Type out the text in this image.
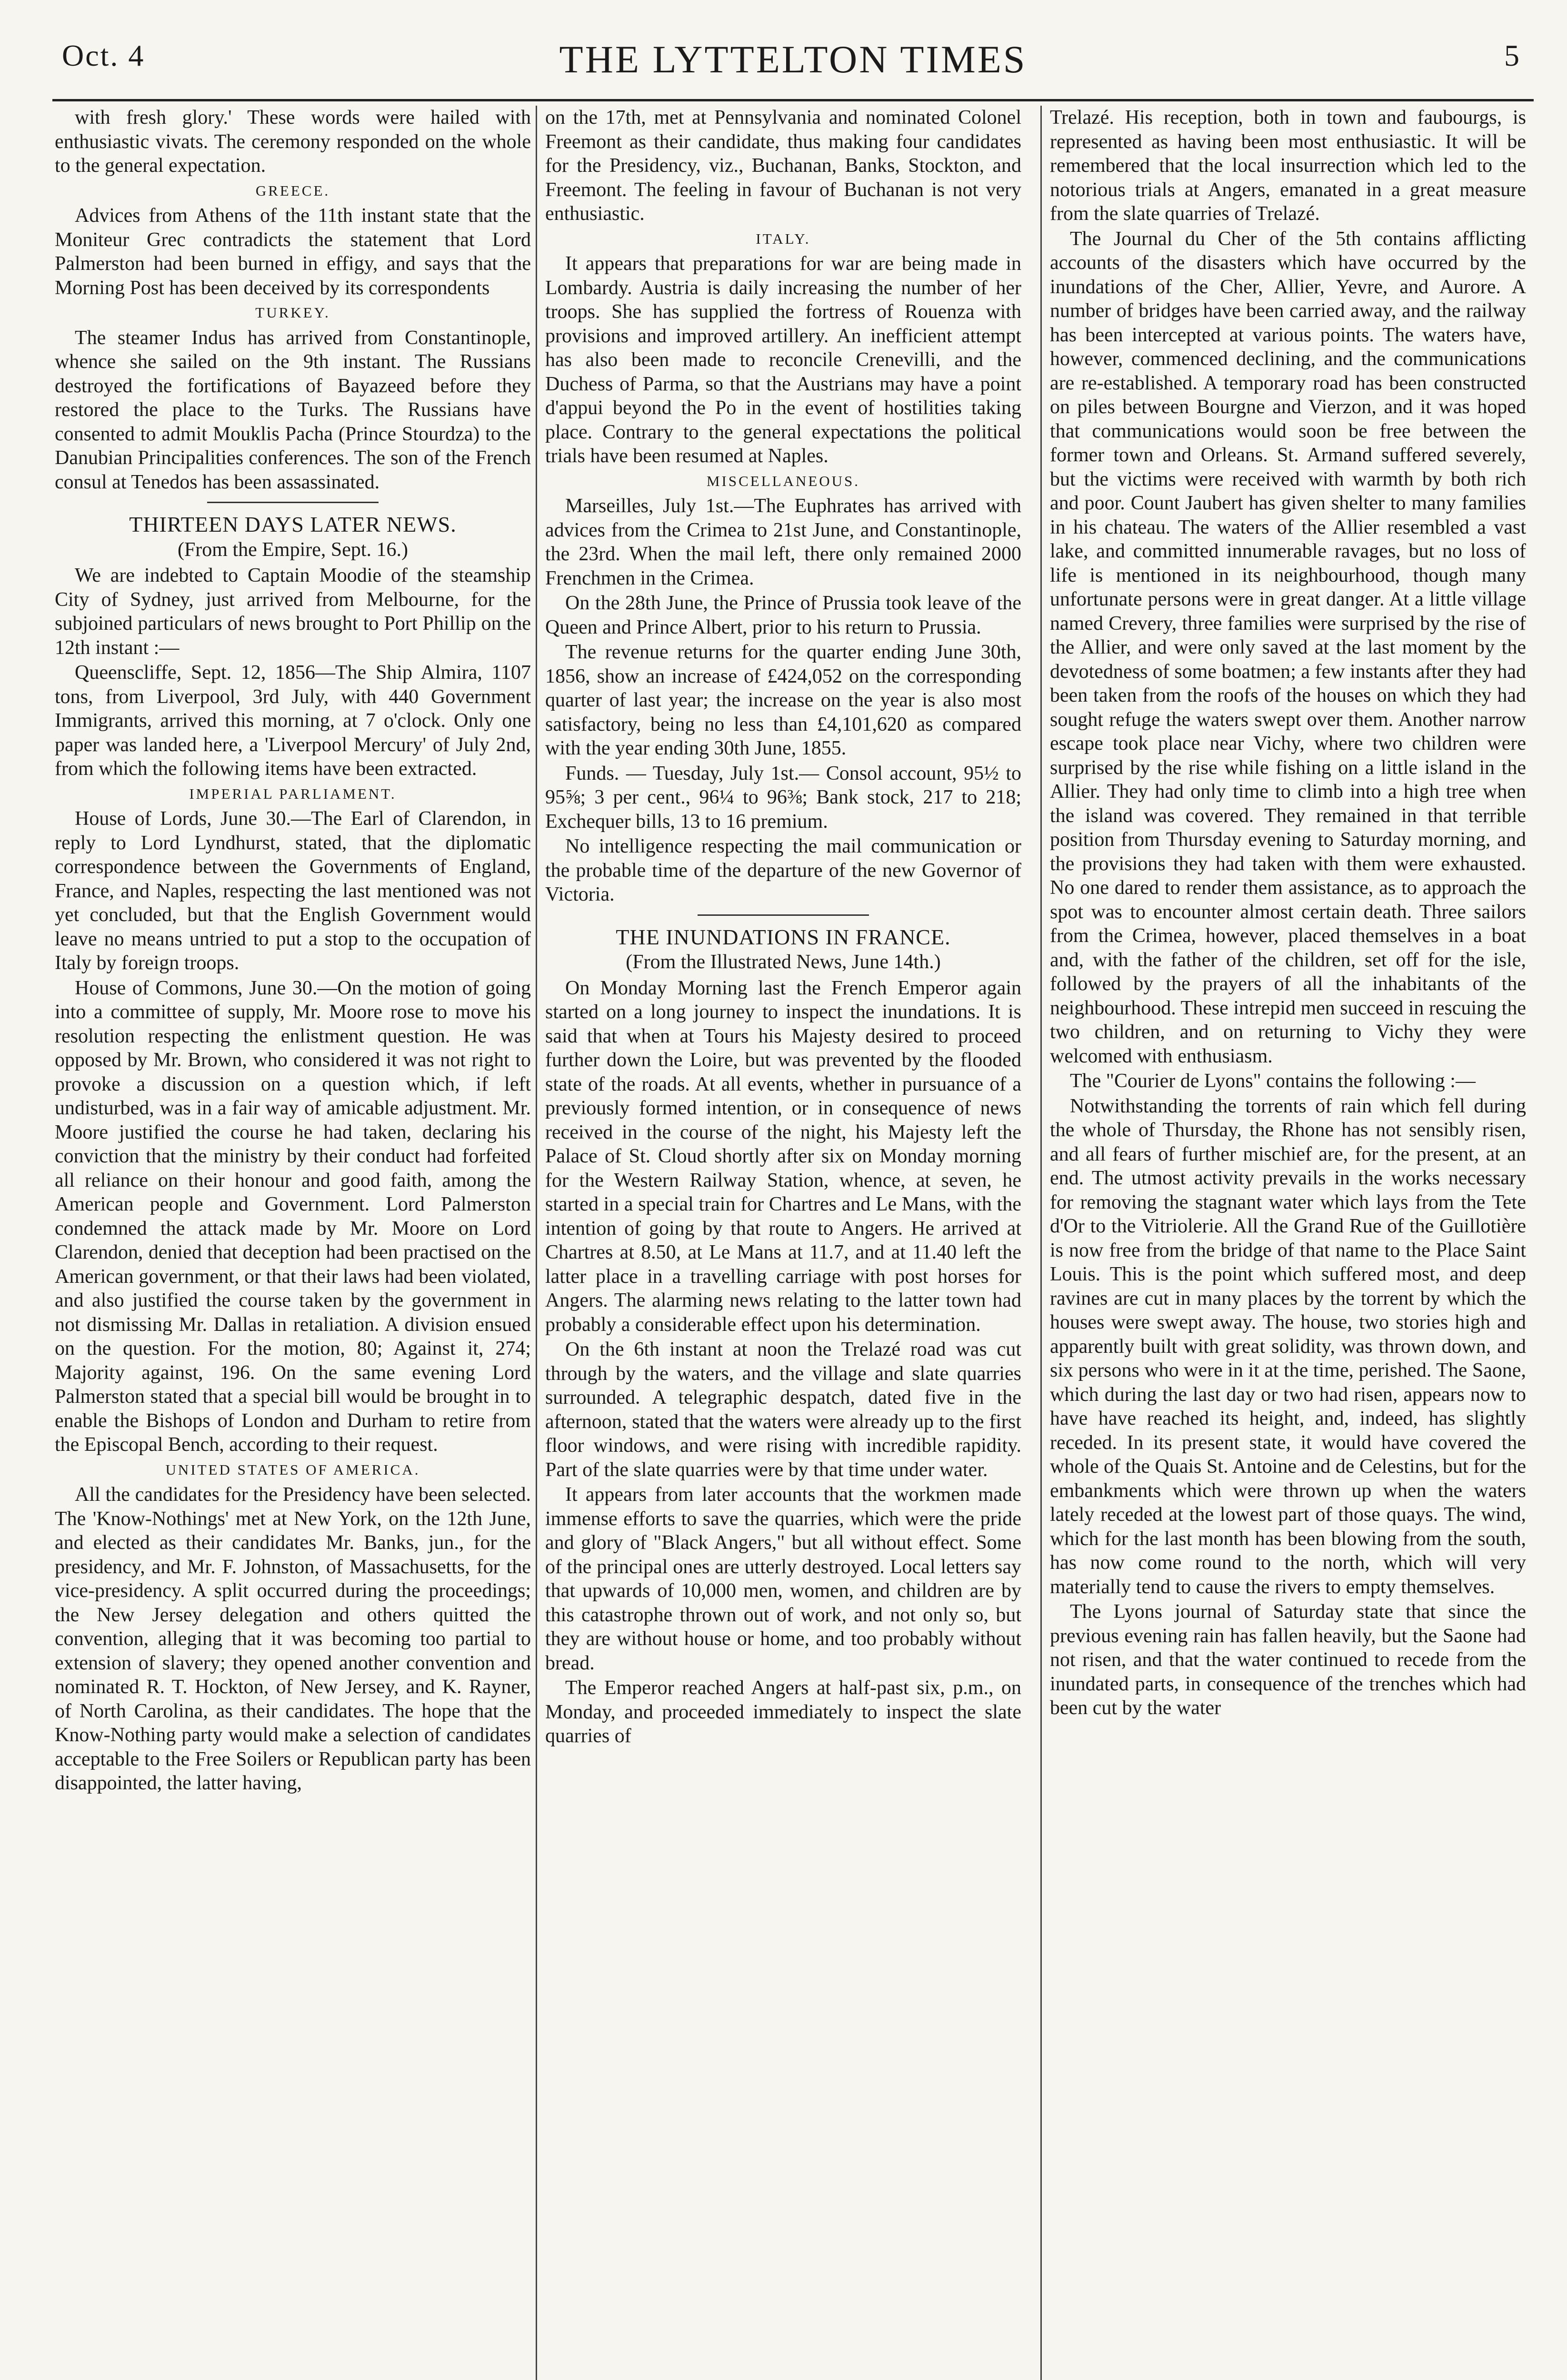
Oct. 4	THE LYTTELTON TIMES	5

with fresh glory.' These words were hailed with enthusiastic vivats. The ceremony responded on the whole to the general expectation.

GREECE.

Advices from Athens of the 11th instant state that the Moniteur Grec contradicts the statement that Lord Palmerston had been burned in effigy, and says that the Morning Post has been deceived by its correspondents

TURKEY.

The steamer Indus has arrived from Constantinople, whence she sailed on the 9th instant. The Russians destroyed the fortifications of Bayazeed before they restored the place to the Turks. The Russians have consented to admit Mouklis Pacha (Prince Stourdza) to the Danubian Principalities conferences. The son of the French consul at Tenedos has been assassinated.

THIRTEEN DAYS LATER NEWS.

(From the Empire, Sept. 16.)

We are indebted to Captain Moodie of the steamship City of Sydney, just arrived from Melbourne, for the subjoined particulars of news brought to Port Phillip on the 12th instant :—

Queenscliffe, Sept. 12, 1856—The Ship Almira, 1107 tons, from Liverpool, 3rd July, with 440 Government Immigrants, arrived this morning, at 7 o'clock. Only one paper was landed here, a 'Liverpool Mercury' of July 2nd, from which the following items have been extracted.

IMPERIAL PARLIAMENT.

House of Lords, June 30.—The Earl of Clarendon, in reply to Lord Lyndhurst, stated, that the diplomatic correspondence between the Governments of England, France, and Naples, respecting the last mentioned was not yet concluded, but that the English Government would leave no means untried to put a stop to the occupation of Italy by foreign troops.

House of Commons, June 30.—On the motion of going into a committee of supply, Mr. Moore rose to move his resolution respecting the enlistment question. He was opposed by Mr. Brown, who considered it was not right to provoke a discussion on a question which, if left undisturbed, was in a fair way of amicable adjustment. Mr. Moore justified the course he had taken, declaring his conviction that the ministry by their conduct had forfeited all reliance on their honour and good faith, among the American people and Government. Lord Palmerston condemned the attack made by Mr. Moore on Lord Clarendon, denied that deception had been practised on the American government, or that their laws had been violated, and also justified the course taken by the government in not dismissing Mr. Dallas in retaliation. A division ensued on the question. For the motion, 80; Against it, 274; Majority against, 196. On the same evening Lord Palmerston stated that a special bill would be brought in to enable the Bishops of London and Durham to retire from the Episcopal Bench, according to their request.

UNITED STATES OF AMERICA.

All the candidates for the Presidency have been selected. The 'Know-Nothings' met at New York, on the 12th June, and elected as their candidates Mr. Banks, jun., for the presidency, and Mr. F. Johnston, of Massachusetts, for the vice-presidency. A split occurred during the proceedings; the New Jersey delegation and others quitted the convention, alleging that it was becoming too partial to extension of slavery; they opened another convention and nominated R. T. Hockton, of New Jersey, and K. Rayner, of North Carolina, as their candidates. The hope that the Know-Nothing party would make a selection of candidates acceptable to the Free Soilers or Republican party has been disappointed, the latter having,

on the 17th, met at Pennsylvania and nominated Colonel Freemont as their candidate, thus making four candidates for the Presidency, viz., Buchanan, Banks, Stockton, and Freemont. The feeling in favour of Buchanan is not very enthusiastic.

ITALY.

It appears that preparations for war are being made in Lombardy. Austria is daily increasing the number of her troops. She has supplied the fortress of Rouenza with provisions and improved artillery. An inefficient attempt has also been made to reconcile Crenevilli, and the Duchess of Parma, so that the Austrians may have a point d'appui beyond the Po in the event of hostilities taking place. Contrary to the general expectations the political trials have been resumed at Naples.

MISCELLANEOUS.

Marseilles, July 1st.—The Euphrates has arrived with advices from the Crimea to 21st June, and Constantinople, the 23rd. When the mail left, there only remained 2000 Frenchmen in the Crimea.

On the 28th June, the Prince of Prussia took leave of the Queen and Prince Albert, prior to his return to Prussia.

The revenue returns for the quarter ending June 30th, 1856, show an increase of £424,052 on the corresponding quarter of last year; the increase on the year is also most satisfactory, being no less than £4,101,620 as compared with the year ending 30th June, 1855.

Funds. — Tuesday, July 1st.— Consol account, 95½ to 95⅝; 3 per cent., 96¼ to 96⅜; Bank stock, 217 to 218; Exchequer bills, 13 to 16 premium.

No intelligence respecting the mail communication or the probable time of the departure of the new Governor of Victoria.

THE INUNDATIONS IN FRANCE.

(From the Illustrated News, June 14th.)

On Monday Morning last the French Emperor again started on a long journey to inspect the inundations. It is said that when at Tours his Majesty desired to proceed further down the Loire, but was prevented by the flooded state of the roads. At all events, whether in pursuance of a previously formed intention, or in consequence of news received in the course of the night, his Majesty left the Palace of St. Cloud shortly after six on Monday morning for the Western Railway Station, whence, at seven, he started in a special train for Chartres and Le Mans, with the intention of going by that route to Angers. He arrived at Chartres at 8.50, at Le Mans at 11.7, and at 11.40 left the latter place in a travelling carriage with post horses for Angers. The alarming news relating to the latter town had probably a considerable effect upon his determination.

On the 6th instant at noon the Trelazé road was cut through by the waters, and the village and slate quarries surrounded. A telegraphic despatch, dated five in the afternoon, stated that the waters were already up to the first floor windows, and were rising with incredible rapidity. Part of the slate quarries were by that time under water.

It appears from later accounts that the workmen made immense efforts to save the quarries, which were the pride and glory of "Black Angers," but all without effect. Some of the principal ones are utterly destroyed. Local letters say that upwards of 10,000 men, women, and children are by this catastrophe thrown out of work, and not only so, but they are without house or home, and too probably without bread.

The Emperor reached Angers at half-past six, p.m., on Monday, and proceeded immediately to inspect the slate quarries of

Trelazé. His reception, both in town and faubourgs, is represented as having been most enthusiastic. It will be remembered that the local insurrection which led to the notorious trials at Angers, emanated in a great measure from the slate quarries of Trelazé.

The Journal du Cher of the 5th contains afflicting accounts of the disasters which have occurred by the inundations of the Cher, Allier, Yevre, and Aurore. A number of bridges have been carried away, and the railway has been intercepted at various points. The waters have, however, commenced declining, and the communications are re-established. A temporary road has been constructed on piles between Bourgne and Vierzon, and it was hoped that communications would soon be free between the former town and Orleans. St. Armand suffered severely, but the victims were received with warmth by both rich and poor. Count Jaubert has given shelter to many families in his chateau. The waters of the Allier resembled a vast lake, and committed innumerable ravages, but no loss of life is mentioned in its neighbourhood, though many unfortunate persons were in great danger. At a little village named Crevery, three families were surprised by the rise of the Allier, and were only saved at the last moment by the devotedness of some boatmen; a few instants after they had been taken from the roofs of the houses on which they had sought refuge the waters swept over them. Another narrow escape took place near Vichy, where two children were surprised by the rise while fishing on a little island in the Allier. They had only time to climb into a high tree when the island was covered. They remained in that terrible position from Thursday evening to Saturday morning, and the provisions they had taken with them were exhausted. No one dared to render them assistance, as to approach the spot was to encounter almost certain death. Three sailors from the Crimea, however, placed themselves in a boat and, with the father of the children, set off for the isle, followed by the prayers of all the inhabitants of the neighbourhood. These intrepid men succeed in rescuing the two children, and on returning to Vichy they were welcomed with enthusiasm.

The "Courier de Lyons" contains the following :—

Notwithstanding the torrents of rain which fell during the whole of Thursday, the Rhone has not sensibly risen, and all fears of further mischief are, for the present, at an end. The utmost activity prevails in the works necessary for removing the stagnant water which lays from the Tete d'Or to the Vitriolerie. All the Grand Rue of the Guillotière is now free from the bridge of that name to the Place Saint Louis. This is the point which suffered most, and deep ravines are cut in many places by the torrent by which the houses were swept away. The house, two stories high and apparently built with great solidity, was thrown down, and six persons who were in it at the time, perished. The Saone, which during the last day or two had risen, appears now to have have reached its height, and, indeed, has slightly receded. In its present state, it would have covered the whole of the Quais St. Antoine and de Celestins, but for the embankments which were thrown up when the waters lately receded at the lowest part of those quays. The wind, which for the last month has been blowing from the south, has now come round to the north, which will very materially tend to cause the rivers to empty themselves.

The Lyons journal of Saturday state that since the previous evening rain has fallen heavily, but the Saone had not risen, and that the water continued to recede from the inundated parts, in consequence of the trenches which had been cut by the water
